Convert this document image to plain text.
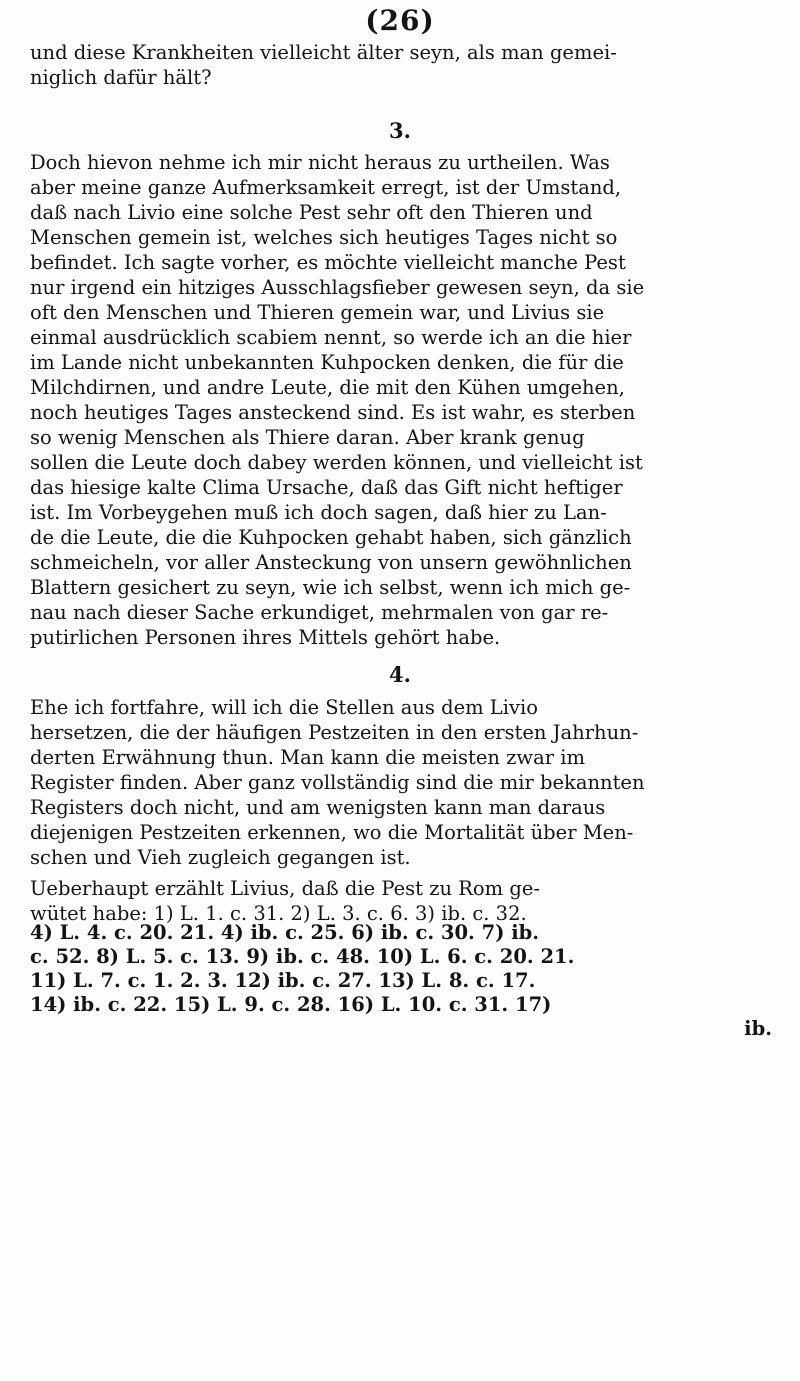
(26)
und diese Krankheiten vielleicht älter seyn, als man gemei-
niglich dafür hält?
3.
Doch hievon nehme ich mir nicht heraus zu urtheilen. Was
aber meine ganze Aufmerksamkeit erregt, ist der Umstand,
daß nach Livio eine solche Pest sehr oft den Thieren und
Menschen gemein ist, welches sich heutiges Tages nicht so
befindet. Ich sagte vorher, es möchte vielleicht manche Pest
nur irgend ein hitziges Ausschlagsfieber gewesen seyn, da sie
oft den Menschen und Thieren gemein war, und Livius sie
einmal ausdrücklich scabiem nennt, so werde ich an die hier
im Lande nicht unbekannten Kuhpocken denken, die für die
Milchdirnen, und andre Leute, die mit den Kühen umgehen,
noch heutiges Tages ansteckend sind. Es ist wahr, es sterben
so wenig Menschen als Thiere daran. Aber krank genug
sollen die Leute doch dabey werden können, und vielleicht ist
das hiesige kalte Clima Ursache, daß das Gift nicht heftiger
ist. Im Vorbeygehen muß ich doch sagen, daß hier zu Lan-
de die Leute, die die Kuhpocken gehabt haben, sich gänzlich
schmeicheln, vor aller Ansteckung von unsern gewöhnlichen
Blattern gesichert zu seyn, wie ich selbst, wenn ich mich ge-
nau nach dieser Sache erkundiget, mehrmalen von gar re-
putirlichen Personen ihres Mittels gehört habe.
4.
Ehe ich fortfahre, will ich die Stellen aus dem Livio
hersetzen, die der häufigen Pestzeiten in den ersten Jahrhun-
derten Erwähnung thun. Man kann die meisten zwar im
Register finden. Aber ganz vollständig sind die mir bekannten
Registers doch nicht, und am wenigsten kann man daraus
diejenigen Pestzeiten erkennen, wo die Mortalität über Men-
schen und Vieh zugleich gegangen ist.
Ueberhaupt erzählt Livius, daß die Pest zu Rom ge-
wütet habe: 1) L. 1. c. 31. 2) L. 3. c. 6. 3) ib. c. 32.
4) L. 4. c. 20. 21. 4) ib. c. 25. 6) ib. c. 30. 7) ib.
c. 52. 8) L. 5. c. 13. 9) ib. c. 48. 10) L. 6. c. 20. 21.
11) L. 7. c. 1. 2. 3. 12) ib. c. 27. 13) L. 8. c. 17.
14) ib. c. 22. 15) L. 9. c. 28. 16) L. 10. c. 31. 17)
ib.
